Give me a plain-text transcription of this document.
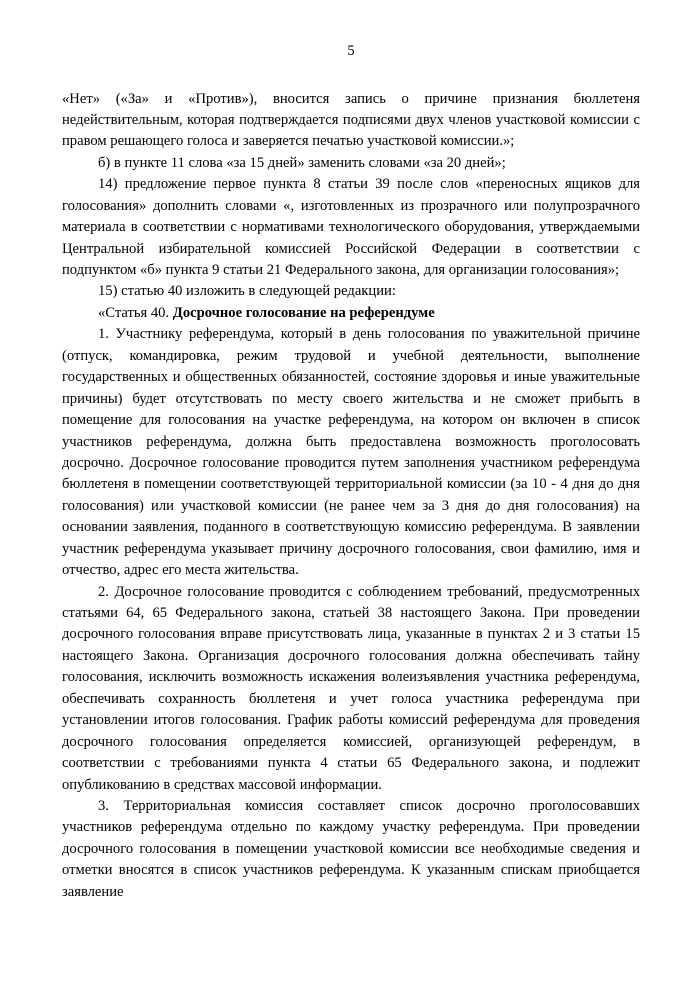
5

«Нет» («За» и «Против»), вносится запись о причине признания бюллетеня недействительным, которая подтверждается подписями двух членов участковой комиссии с правом решающего голоса и заверяется печатью участковой комиссии.»;

б) в пункте 11 слова «за 15 дней» заменить словами «за 20 дней»;

14) предложение первое пункта 8 статьи 39 после слов «переносных ящиков для голосования» дополнить словами «, изготовленных из прозрачного или полупрозрачного материала в соответствии с нормативами технологического оборудования, утверждаемыми Центральной избирательной комиссией Российской Федерации в соответствии с подпунктом «б» пункта 9 статьи 21 Федерального закона, для организации голосования»;

15) статью 40 изложить в следующей редакции:

«Статья 40. Досрочное голосование на референдуме

1. Участнику референдума, который в день голосования по уважительной причине (отпуск, командировка, режим трудовой и учебной деятельности, выполнение государственных и общественных обязанностей, состояние здоровья и иные уважительные причины) будет отсутствовать по месту своего жительства и не сможет прибыть в помещение для голосования на участке референдума, на котором он включен в список участников референдума, должна быть предоставлена возможность проголосовать досрочно. Досрочное голосование проводится путем заполнения участником референдума бюллетеня в помещении соответствующей территориальной комиссии (за 10 - 4 дня до дня голосования) или участковой комиссии (не ранее чем за 3 дня до дня голосования) на основании заявления, поданного в соответствующую комиссию референдума. В заявлении участник референдума указывает причину досрочного голосования, свои фамилию, имя и отчество, адрес его места жительства.

2. Досрочное голосование проводится с соблюдением требований, предусмотренных статьями 64, 65 Федерального закона, статьей 38 настоящего Закона. При проведении досрочного голосования вправе присутствовать лица, указанные в пунктах 2 и 3 статьи 15 настоящего Закона. Организация досрочного голосования должна обеспечивать тайну голосования, исключить возможность искажения волеизъявления участника референдума, обеспечивать сохранность бюллетеня и учет голоса участника референдума при установлении итогов голосования. График работы комиссий референдума для проведения досрочного голосования определяется комиссией, организующей референдум, в соответствии с требованиями пункта 4 статьи 65 Федерального закона, и подлежит опубликованию в средствах массовой информации.

3. Территориальная комиссия составляет список досрочно проголосовавших участников референдума отдельно по каждому участку референдума. При проведении досрочного голосования в помещении участковой комиссии все необходимые сведения и отметки вносятся в список участников референдума. К указанным спискам приобщается заявление
